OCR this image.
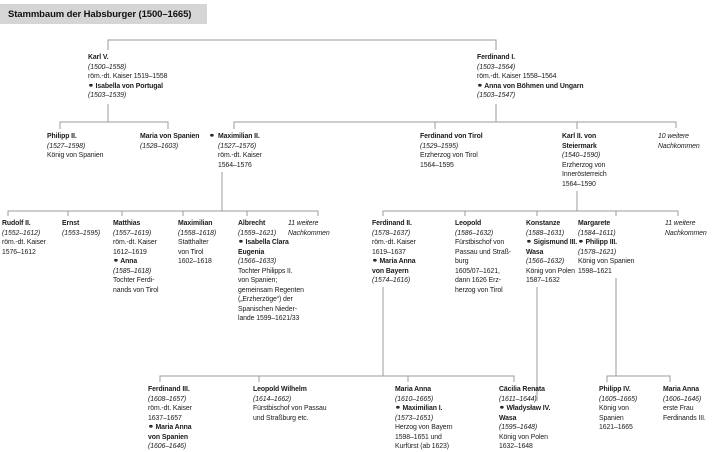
Stammbaum der Habsburger (1500–1665)
Karl V.
(1500–1558)
röm.-dt. Kaiser 1519–1558
⚭ Isabella von Portugal
(1503–1539)
Ferdinand I.
(1503–1564)
röm.-dt. Kaiser 1558–1564
⚭ Anna von Böhmen und Ungarn
(1503–1547)
Philipp II.
(1527–1598)
König von Spanien
Maria von Spanien
(1528–1603)
⚭ Maximilian II.
(1527–1576)
röm.-dt. Kaiser
1564–1576
Ferdinand von Tirol
(1529–1595)
Erzherzog von Tirol
1564–1595
Karl II. von
Steiermark
(1540–1590)
Erzherzog von
Innerösterreich
1564–1590
10 weitere
Nachkommen
Rudolf II.
(1552–1612)
röm.-dt. Kaiser
1576–1612
Ernst
(1553–1595)
Matthias
(1557–1619)
röm.-dt. Kaiser
1612–1619
⚭ Anna
(1585–1618)
Tochter Ferdi-
nands von Tirol
Maximilian
(1558–1618)
Statthalter
von Tirol
1602–1618
Albrecht
(1559–1621)
⚭ Isabella Clara
Eugenia
(1566–1633)
Tochter Philipps II.
von Spanien;
gemeinsam Regenten
(„Erzherzöge“) der
Spanischen Nieder-
lande 1599–1621/33
11 weitere
Nachkommen
Ferdinand II.
(1578–1637)
röm.-dt. Kaiser
1619–1637
⚭ Maria Anna
von Bayern
(1574–1616)
Leopold
(1586–1632)
Fürstbischof von
Passau und Straß-
burg
1605/07–1621,
dann 1626 Erz-
herzog von Tirol
Konstanze
(1588–1631)
⚭ Sigismund III.
Wasa
(1566–1632)
König von Polen
1587–1632
Margarete
(1584–1611)
⚭ Philipp III.
(1578–1621)
König von Spanien
1598–1621
11 weitere
Nachkommen
Ferdinand III.
(1608–1657)
röm.-dt. Kaiser
1637–1657
⚭ Maria Anna
von Spanien
(1606–1646)
Leopold Wilhelm
(1614–1662)
Fürstbischof von Passau
und Straßburg etc.
Maria Anna
(1610–1665)
⚭ Maximilian I.
(1573–1651)
Herzog von Bayern
1598–1651 und
Kurfürst (ab 1623)
Cäcilia Renata
(1611–1644)
⚭ Władysław IV.
Wasa
(1595–1648)
König von Polen
1632–1648
Philipp IV.
(1605–1665)
König von
Spanien
1621–1665
Maria Anna
(1606–1646)
erste Frau
Ferdinands III.
